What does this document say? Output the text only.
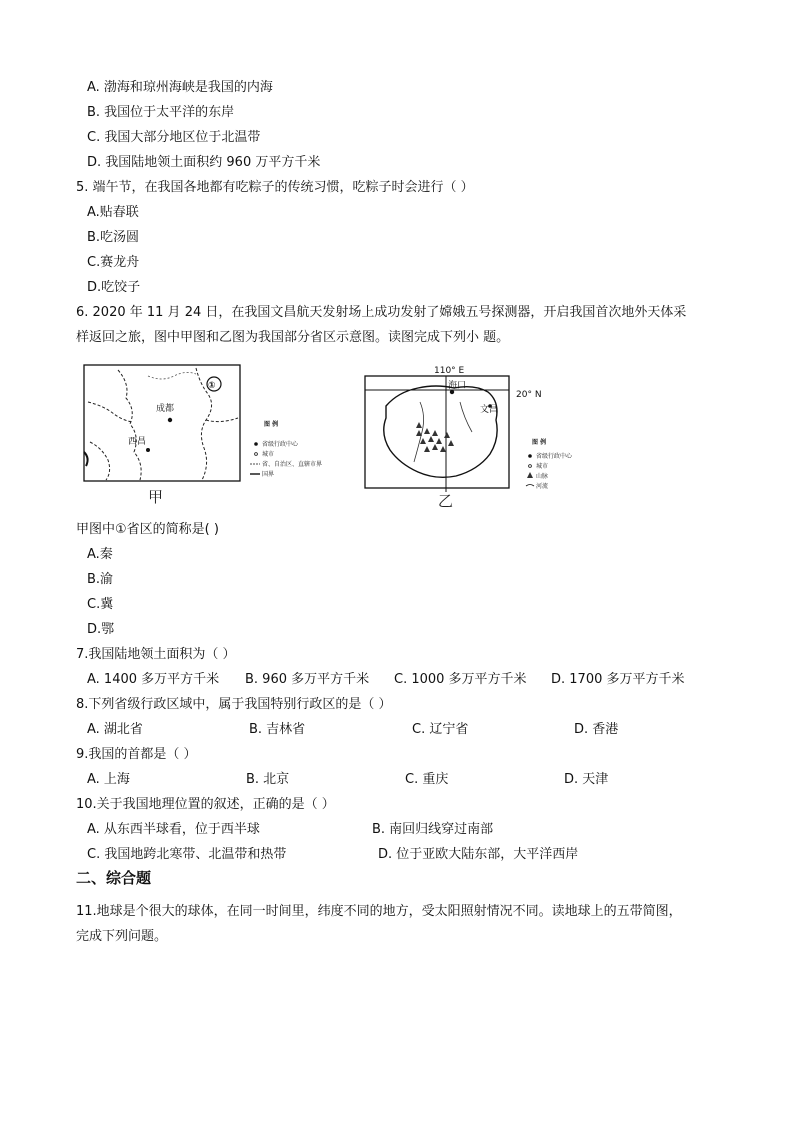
A. 渤海和琼州海峡是我国的内海
B. 我国位于太平洋的东岸
C. 我国大部分地区位于北温带
D. 我国陆地领土面积约 960 万平方千米
5. 端午节，在我国各地都有吃粽子的传统习惯，吃粽子时会进行（ ）
A.贴春联
B.吃汤圆
C.赛龙舟
D.吃饺子
6. 2020 年 11 月 24 日，在我国文昌航天发射场上成功发射了嫦娥五号探测器，开启我国首次地外天体采
样返回之旅，图中甲图和乙图为我国部分省区示意图。读图完成下列小 题。
成都
西昌
①
甲
图 例
省级行政中心
城市
省、自治区、直辖市界
国界
110° E
20° N
海口
文昌
乙
图 例
省级行政中心
城市
山脉
河流
甲图中①省区的简称是( )
A.秦
B.渝
C.冀
D.鄂
7.我国陆地领土面积为（ ）
A. 1400 多万平方千米 B. 960 多万平方千米 C. 1000 多万平方千米 D. 1700 多万平方千米
8.下列省级行政区域中，属于我国特别行政区的是（ ）
A. 湖北省	B. 吉林省	C. 辽宁省	D. 香港
9.我国的首都是（ ）
A. 上海	B. 北京	C. 重庆	D. 天津
10.关于我国地理位置的叙述，正确的是（ ）
A. 从东西半球看，位于西半球	B. 南回归线穿过南部
C. 我国地跨北寒带、北温带和热带	D. 位于亚欧大陆东部，大平洋西岸
二、综合题
11.地球是个很大的球体，在同一时间里，纬度不同的地方，受太阳照射情况不同。读地球上的五带简图，
完成下列问题。
